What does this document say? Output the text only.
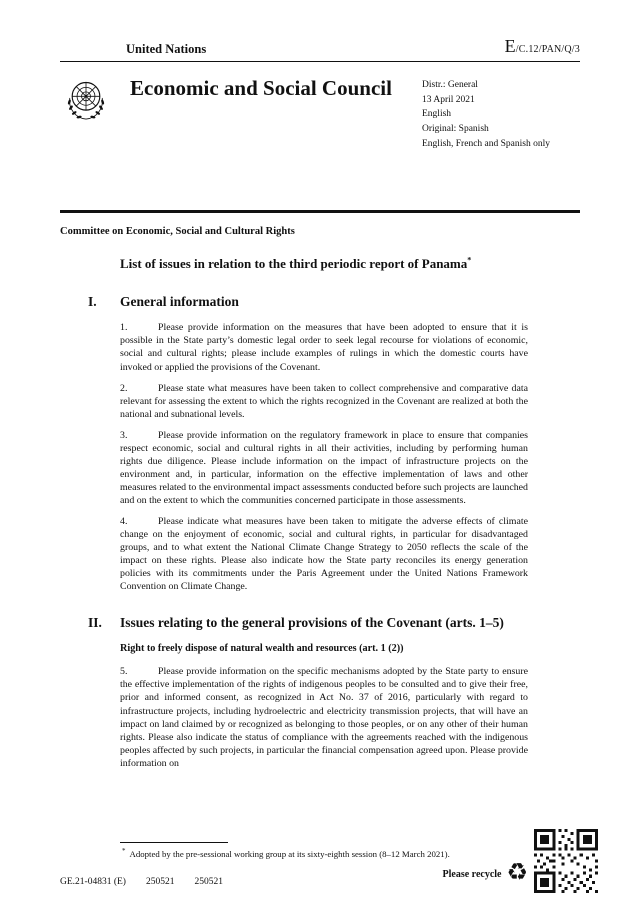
United Nations	E/C.12/PAN/Q/3
Economic and Social Council	Distr.: General
13 April 2021
English
Original: Spanish
English, French and Spanish only
Committee on Economic, Social and Cultural Rights
List of issues in relation to the third periodic report of Panama*
I.	General information

1.	Please provide information on the measures that have been adopted to ensure that it is possible in the State party’s domestic legal order to seek legal recourse for violations of economic, social and cultural rights; please include examples of rulings in which the domestic courts have invoked or applied the provisions of the Covenant.

2.	Please state what measures have been taken to collect comprehensive and comparative data relevant for assessing the extent to which the rights recognized in the Covenant are realized at both the national and subnational levels.

3.	Please provide information on the regulatory framework in place to ensure that companies respect economic, social and cultural rights in all their activities, including by performing human rights due diligence. Please include information on the impact of infrastructure projects on the environment and, in particular, information on the effective implementation of laws and other measures related to the environmental impact assessments conducted before such projects are launched and on the extent to which the communities concerned participate in those assessments.

4.	Please indicate what measures have been taken to mitigate the adverse effects of climate change on the enjoyment of economic, social and cultural rights, in particular for disadvantaged groups, and to what extent the National Climate Change Strategy to 2050 reflects the scale of the impact on these rights. Please also indicate how the State party reconciles its energy generation policies with its commitments under the Paris Agreement under the United Nations Framework Convention on Climate Change.

II.	Issues relating to the general provisions of the Covenant (arts. 1–5)
Right to freely dispose of natural wealth and resources (art. 1 (2))

5.	Please provide information on the specific mechanisms adopted by the State party to ensure the effective implementation of the rights of indigenous peoples to be consulted and to give their free, prior and informed consent, as recognized in Act No. 37 of 2016, particularly with regard to infrastructure projects, including hydroelectric and electricity transmission projects, that will have an impact on land claimed by or recognized as belonging to those peoples, or on any other of their human rights. Please also indicate the status of compliance with the agreements reached with the indigenous peoples affected by such projects, in particular the financial compensation agreed upon. Please provide information on

* Adopted by the pre-sessional working group at its sixty-eighth session (8–12 March 2021).
GE.21-04831 (E) 250521 250521
Please recycle ♻
